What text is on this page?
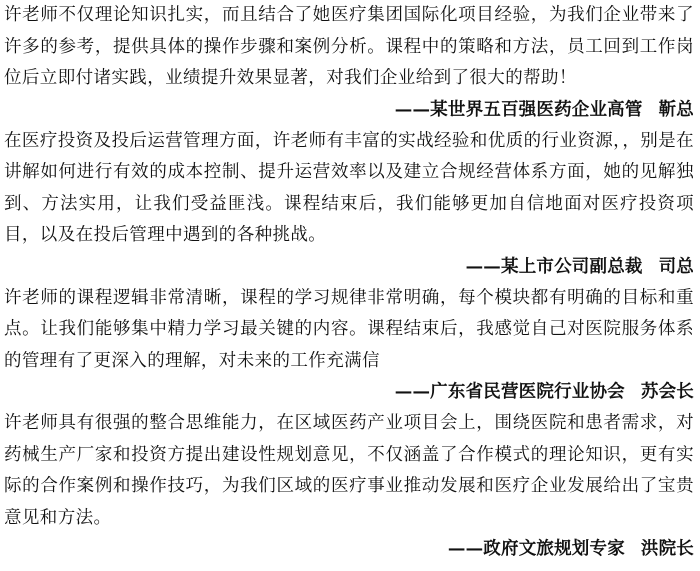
许老师不仅理论知识扎实，而且结合了她医疗集团国际化项目经验，为我们企业带来了许多的参考，提供具体的操作步骤和案例分析。课程中的策略和方法，员工回到工作岗位后立即付诸实践，业绩提升效果显著，对我们企业给到了很大的帮助！

——某世界五百强医药企业高管 靳总

在医疗投资及投后运营管理方面，许老师有丰富的实战经验和优质的行业资源，，别是在讲解如何进行有效的成本控制、提升运营效率以及建立合规经营体系方面，她的见解独到、方法实用，让我们受益匪浅。课程结束后，我们能够更加自信地面对医疗投资项目，以及在投后管理中遇到的各种挑战。

——某上市公司副总裁 司总

许老师的课程逻辑非常清晰，课程的学习规律非常明确，每个模块都有明确的目标和重点。让我们能够集中精力学习最关键的内容。课程结束后，我感觉自己对医院服务体系的管理有了更深入的理解，对未来的工作充满信

——广东省民营医院行业协会 苏会长

许老师具有很强的整合思维能力，在区域医药产业项目会上，围绕医院和患者需求，对药械生产厂家和投资方提出建设性规划意见，不仅涵盖了合作模式的理论知识，更有实际的合作案例和操作技巧，为我们区域的医疗事业推动发展和医疗企业发展给出了宝贵意见和方法。

——政府文旅规划专家 洪院长
